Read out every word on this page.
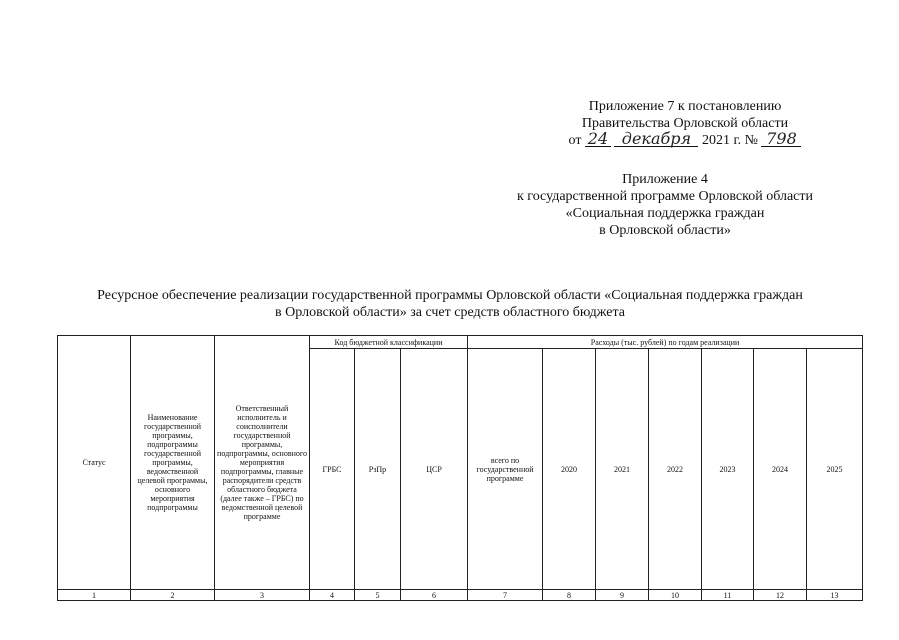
Приложение 7 к постановлению
Правительства Орловской области
от 24 декабря 2021 г. № 798
Приложение 4
к государственной программе Орловской области
«Социальная поддержка граждан
в Орловской области»
Ресурсное обеспечение реализации государственной программы Орловской области «Социальная поддержка граждан
в Орловской области» за счет средств областного бюджета
Статус	Наименование государственной программы, подпрограммы государственной программы, ведомственной целевой программы, основного мероприятия подпрограммы	Ответственный исполнитель и соисполнители государственной программы, подпрограммы, основного мероприятия подпрограммы, главные распорядители средств областного бюджета (далее также – ГРБС) по ведомственной целевой программе	Код бюджетной классификации			Расходы (тыс. рублей) по годам реализации						
			ГРБС	РзПр	ЦСР	всего по государственной программе	2020	2021	2022	2023	2024	2025
1	2	3	4	5	6	7	8	9	10	11	12	13
